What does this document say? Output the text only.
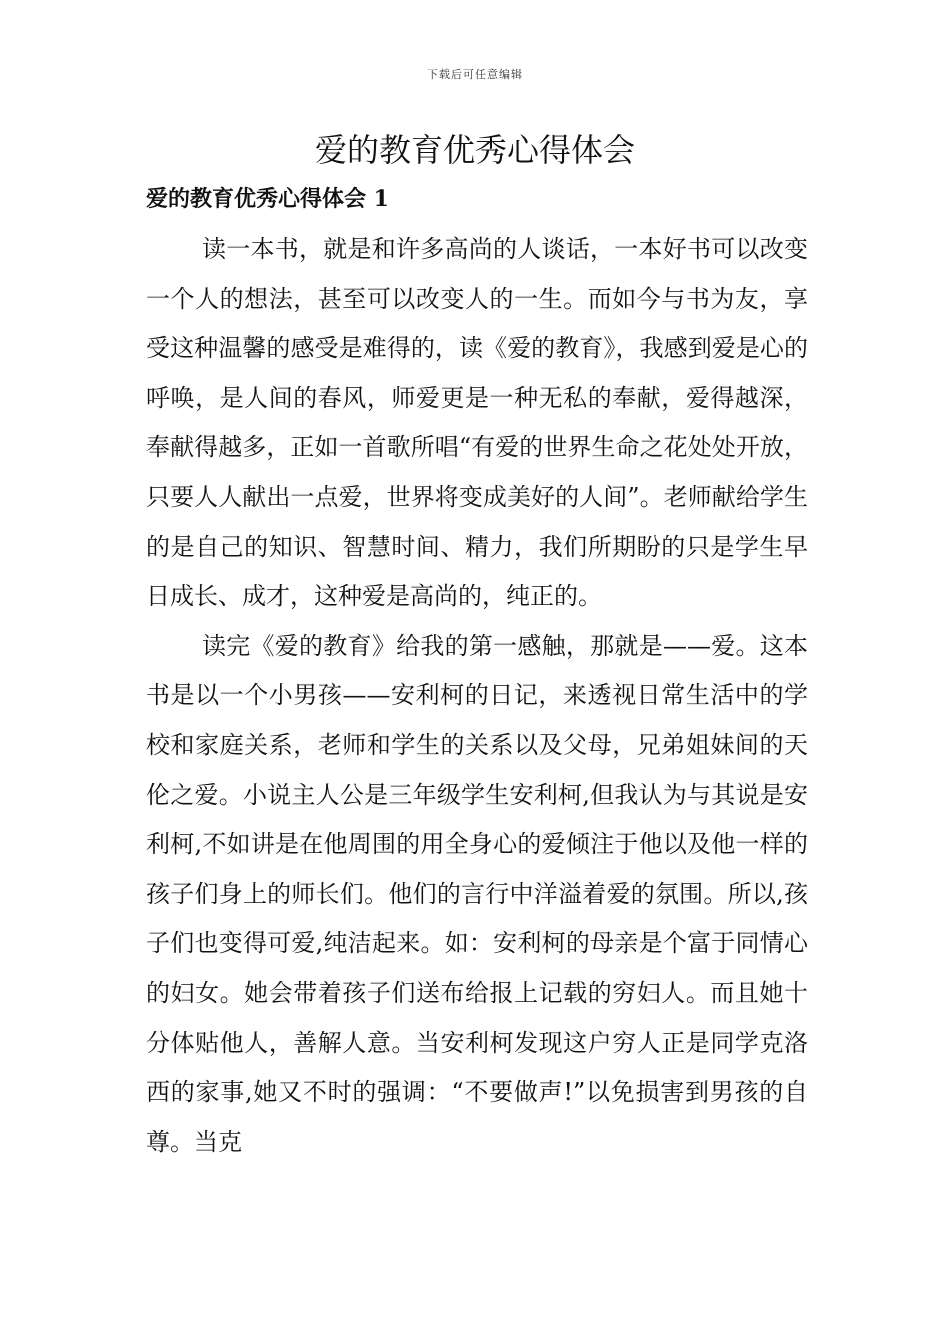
下载后可任意编辑
爱的教育优秀心得体会
爱的教育优秀心得体会 1

读一本书，就是和许多高尚的人谈话，一本好书可以改变一个人的想法，甚至可以改变人的一生。而如今与书为友，享受这种温馨的感受是难得的，读《爱的教育》，我感到爱是心的呼唤，是人间的春风，师爱更是一种无私的奉献，爱得越深，奉献得越多，正如一首歌所唱“有爱的世界生命之花处处开放，只要人人献出一点爱，世界将变成美好的人间”。老师献给学生的是自己的知识、智慧时间、精力，我们所期盼的只是学生早日成长、成才，这种爱是高尚的，纯正的。

读完《爱的教育》给我的第一感触，那就是——爱。这本书是以一个小男孩——安利柯的日记，来透视日常生活中的学校和家庭关系，老师和学生的关系以及父母，兄弟姐妹间的天伦之爱。小说主人公是三年级学生安利柯,但我认为与其说是安利柯,不如讲是在他周围的用全身心的爱倾注于他以及他一样的孩子们身上的师长们。他们的言行中洋溢着爱的氛围。所以,孩子们也变得可爱,纯洁起来。如：安利柯的母亲是个富于同情心的妇女。她会带着孩子们送布给报上记载的穷妇人。而且她十分体贴他人，善解人意。当安利柯发现这户穷人正是同学克洛西的家事,她又不时的强调：“不要做声!”以免损害到男孩的自尊。当克
